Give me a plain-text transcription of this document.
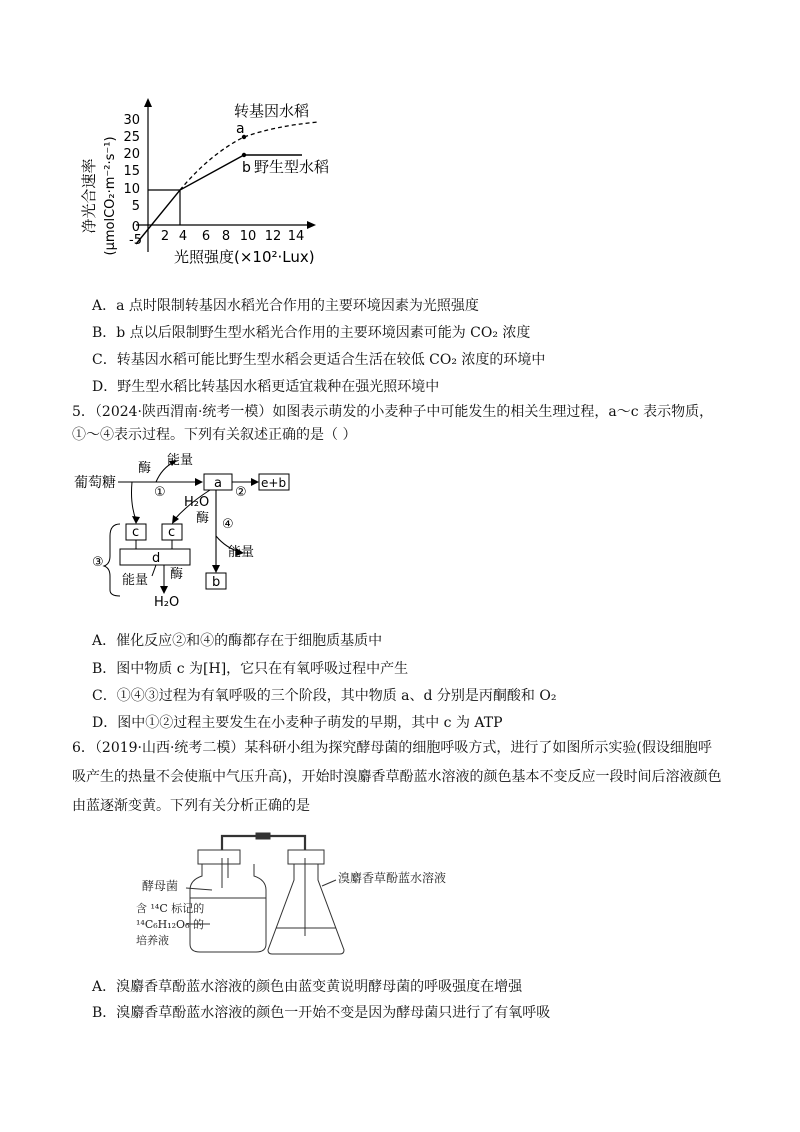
净光合速率 (μmolCO₂·m⁻²·s⁻¹)
30
25
20
15
10
5
0
-5 2 4 6 8 10 12 14
转基因水稻
a
b 野生型水稻
光照强度(×10²·Lux)
A．a 点时限制转基因水稻光合作用的主要环境因素为光照强度
B．b 点以后限制野生型水稻光合作用的主要环境因素可能为 CO₂ 浓度
C．转基因水稻可能比野生型水稻会更适合生活在较低 CO₂ 浓度的环境中
D．野生型水稻比转基因水稻更适宜栽种在强光照环境中
5．（2024·陕西渭南·统考一模）如图表示萌发的小麦种子中可能发生的相关生理过程，a～c 表示物质，
①～④表示过程。下列有关叙述正确的是（ ）
葡萄糖
酶
①
能量
a
②
e+b
H₂O
酶 ④
能量
b
c c
d
③
能量 酶
H₂O
A．催化反应②和④的酶都存在于细胞质基质中
B．图中物质 c 为[H]，它只在有氧呼吸过程中产生
C．①④③过程为有氧呼吸的三个阶段，其中物质 a、d 分别是丙酮酸和 O₂
D．图中①②过程主要发生在小麦种子萌发的早期，其中 c 为 ATP
6．（2019·山西·统考二模）某科研小组为探究酵母菌的细胞呼吸方式，进行了如图所示实验(假设细胞呼
吸产生的热量不会使瓶中气压升高)，开始时溴麝香草酚蓝水溶液的颜色基本不变反应一段时间后溶液颜色
由蓝逐渐变黄。下列有关分析正确的是
酵母菌
含 ¹⁴C 标记的
¹⁴C₆H₁₂O₆ 的
培养液
溴麝香草酚蓝水溶液
A．溴麝香草酚蓝水溶液的颜色由蓝变黄说明酵母菌的呼吸强度在增强
B．溴麝香草酚蓝水溶液的颜色一开始不变是因为酵母菌只进行了有氧呼吸
